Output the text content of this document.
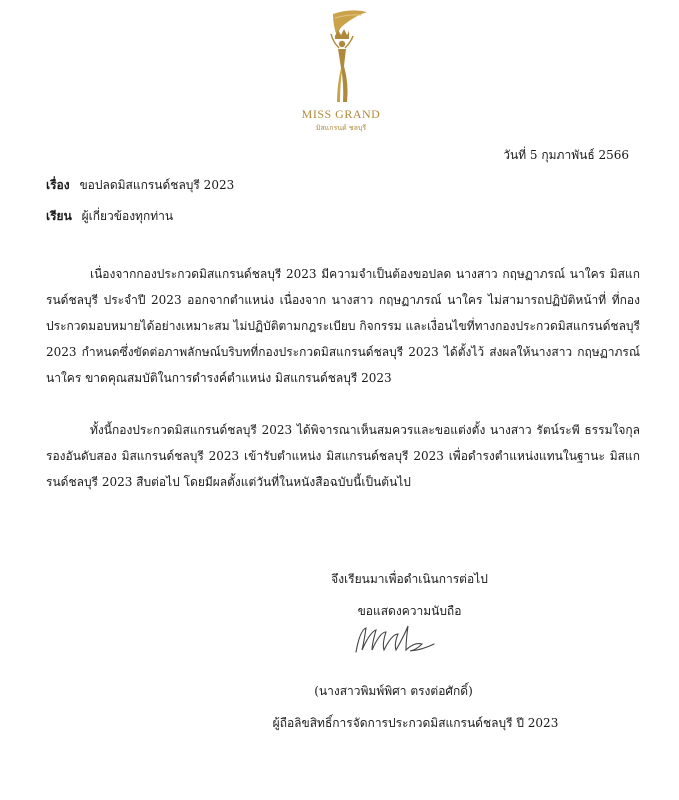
MISS GRAND
มิสแกรนด์ ชลบุรี
วันที่ 5 กุมภาพันธ์ 2566
เรื่อง ขอปลดมิสแกรนด์ชลบุรี 2023
เรียน ผู้เกี่ยวข้องทุกท่าน

เนื่องจากกองประกวดมิสแกรนด์ชลบุรี 2023 มีความจำเป็นต้องขอปลด นางสาว กฤษฏาภรณ์ นาใคร มิสแกรนด์ชลบุรี ประจำปี 2023 ออกจากตำแหน่ง เนื่องจาก นางสาว กฤษฏาภรณ์ นาใคร ไม่สามารถปฏิบัติหน้าที่ ที่กองประกวดมอบหมายได้อย่างเหมาะสม ไม่ปฏิบัติตามกฎระเบียบ กิจกรรม และเงื่อนไขที่ทางกองประกวดมิสแกรนด์ชลบุรี 2023 กำหนดซึ่งขัดต่อภาพลักษณ์บริบทที่กองประกวดมิสแกรนด์ชลบุรี 2023 ได้ตั้งไว้ ส่งผลให้นางสาว กฤษฏาภรณ์ นาใคร ขาดคุณสมบัติในการดำรงค์ตำแหน่ง มิสแกรนด์ชลบุรี 2023

ทั้งนี้กองประกวดมิสแกรนด์ชลบุรี 2023 ได้พิจารณาเห็นสมควรและขอแต่งตั้ง นางสาว รัตน์ระพี ธรรมใจกุล รองอันดับสอง มิสแกรนด์ชลบุรี 2023 เข้ารับตำแหน่ง มิสแกรนด์ชลบุรี 2023 เพื่อดำรงตำแหน่งแทนในฐานะ มิสแกรนด์ชลบุรี 2023 สืบต่อไป โดยมีผลตั้งแต่วันที่ในหนังสือฉบับนี้เป็นต้นไป

จึงเรียนมาเพื่อดำเนินการต่อไป
ขอแสดงความนับถือ
(นางสาวพิมพ์พิศา ตรงต่อศักดิ์)
ผู้ถือลิขสิทธิ์การจัดการประกวดมิสแกรนด์ชลบุรี ปี 2023
